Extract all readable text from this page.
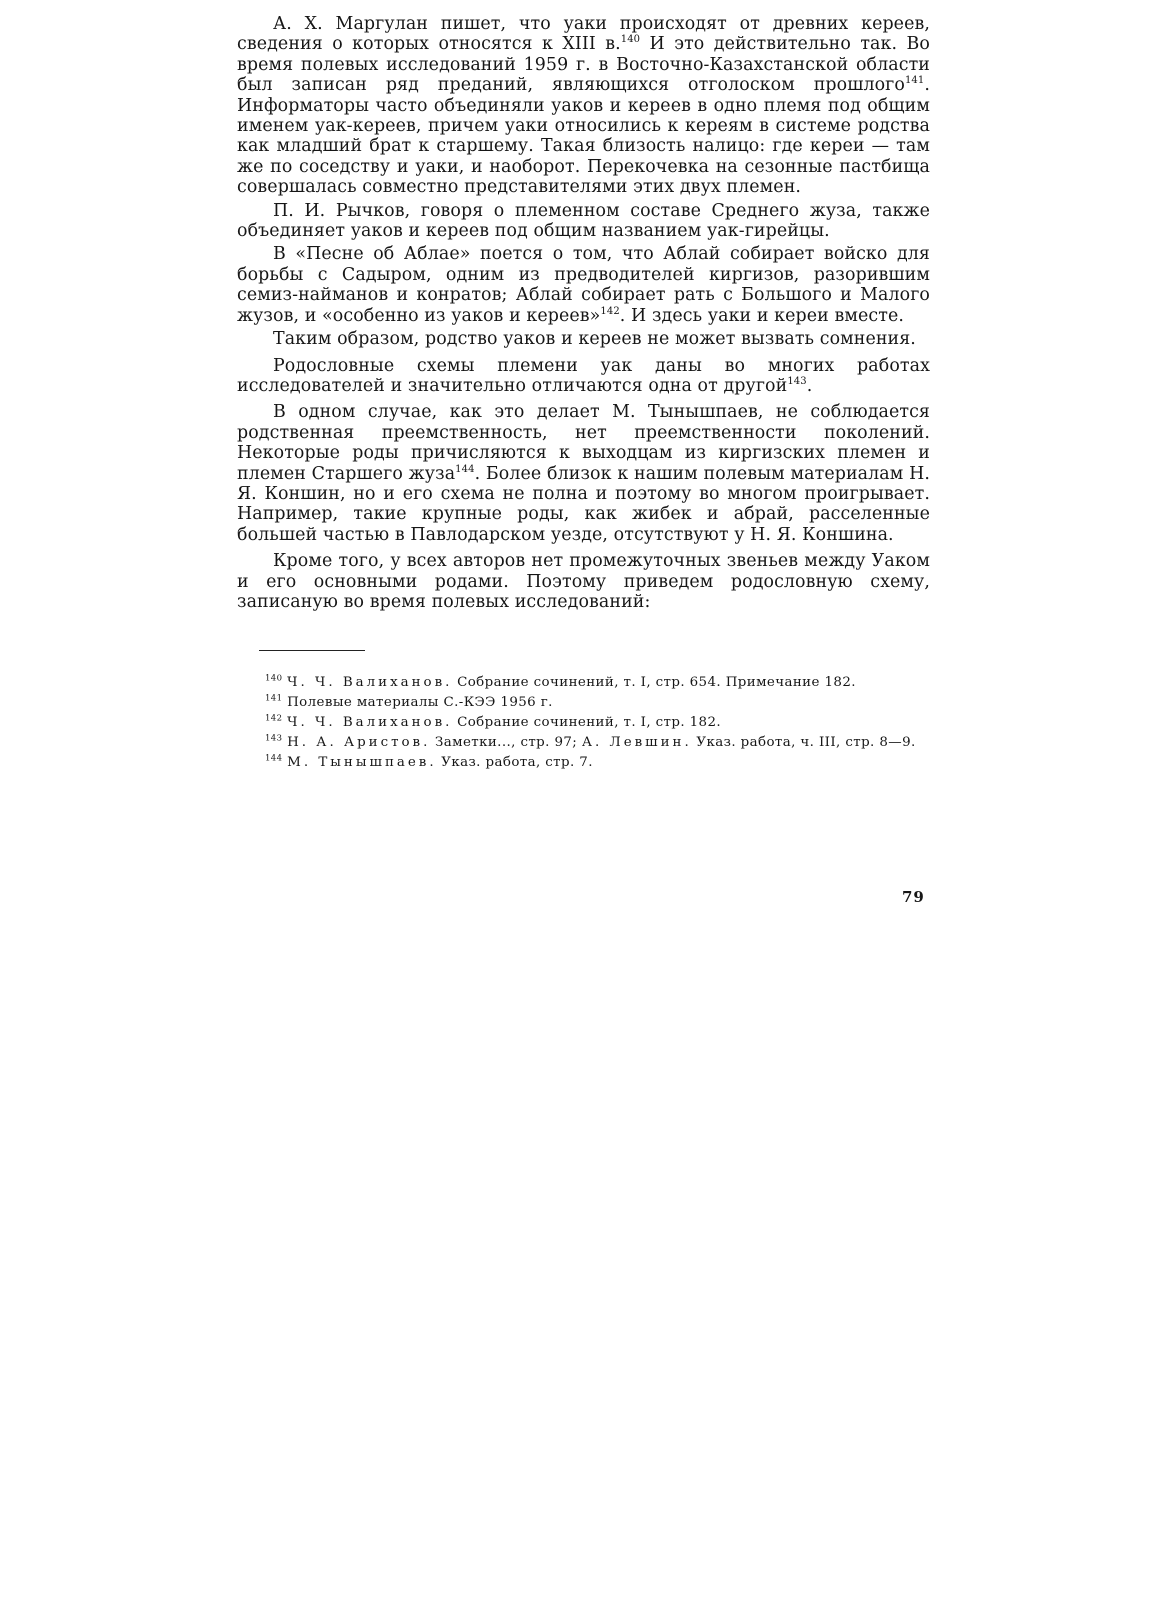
А. Х. Маргулан пишет, что уаки происходят от древних кереев, сведения о которых относятся к XIII в.$^{140}$ И это действительно так. Во время полевых исследований 1959 г. в Восточно-Казахстанской области был записан ряд преданий, являющихся отголоском прошлого$^{141}$. Информаторы часто объединяли уаков и кереев в одно племя под общим именем уак-кереев, причем уаки относились к кереям в системе родства как младший брат к старшему. Такая близость налицо: где кереи — там же по соседству и уаки, и наоборот. Перекочевка на сезонные пастбища совершалась совместно представителями этих двух племен.

П. И. Рычков, говоря о племенном составе Среднего жуза, также объединяет уаков и кереев под общим названием уак-гирейцы.

В «Песне об Аблае» поется о том, что Аблай собирает войско для борьбы с Садыром, одним из предводителей киргизов, разорившим семиз-найманов и конратов; Аблай собирает рать с Большого и Малого жузов, и «особенно из уаков и кереев»$^{142}$. И здесь уаки и кереи вместе.

Таким образом, родство уаков и кереев не может вызвать сомнения.

Родословные схемы племени уак даны во многих работах исследователей и значительно отличаются одна от другой$^{143}$.

В одном случае, как это делает М. Тынышпаев, не соблюдается родственная преемственность, нет преемственности поколений. Некоторые роды причисляются к выходцам из киргизских племен и племен Старшего жуза$^{144}$. Более близок к нашим полевым материалам Н. Я. Коншин, но и его схема не полна и поэтому во многом проигрывает. Например, такие крупные роды, как жибек и абрай, расселенные большей частью в Павлодарском уезде, отсутствуют у Н. Я. Коншина.

Кроме того, у всех авторов нет промежуточных звеньев между Уаком и его основными родами. Поэтому приведем родословную схему, записаную во время полевых исследований:

$^{140}$ Ч. Ч. Валиханов. Собрание сочинений, т. I, стр. 654. Примечание 182.

$^{141}$ Полевые материалы С.-КЭЭ 1956 г.

$^{142}$ Ч. Ч. Валиханов. Собрание сочинений, т. I, стр. 182.

$^{143}$ Н. А. Аристов. Заметки..., стр. 97; А. Левшин. Указ. работа, ч. III, стр. 8—9.

$^{144}$ М. Тынышпаев. Указ. работа, стр. 7.

79
